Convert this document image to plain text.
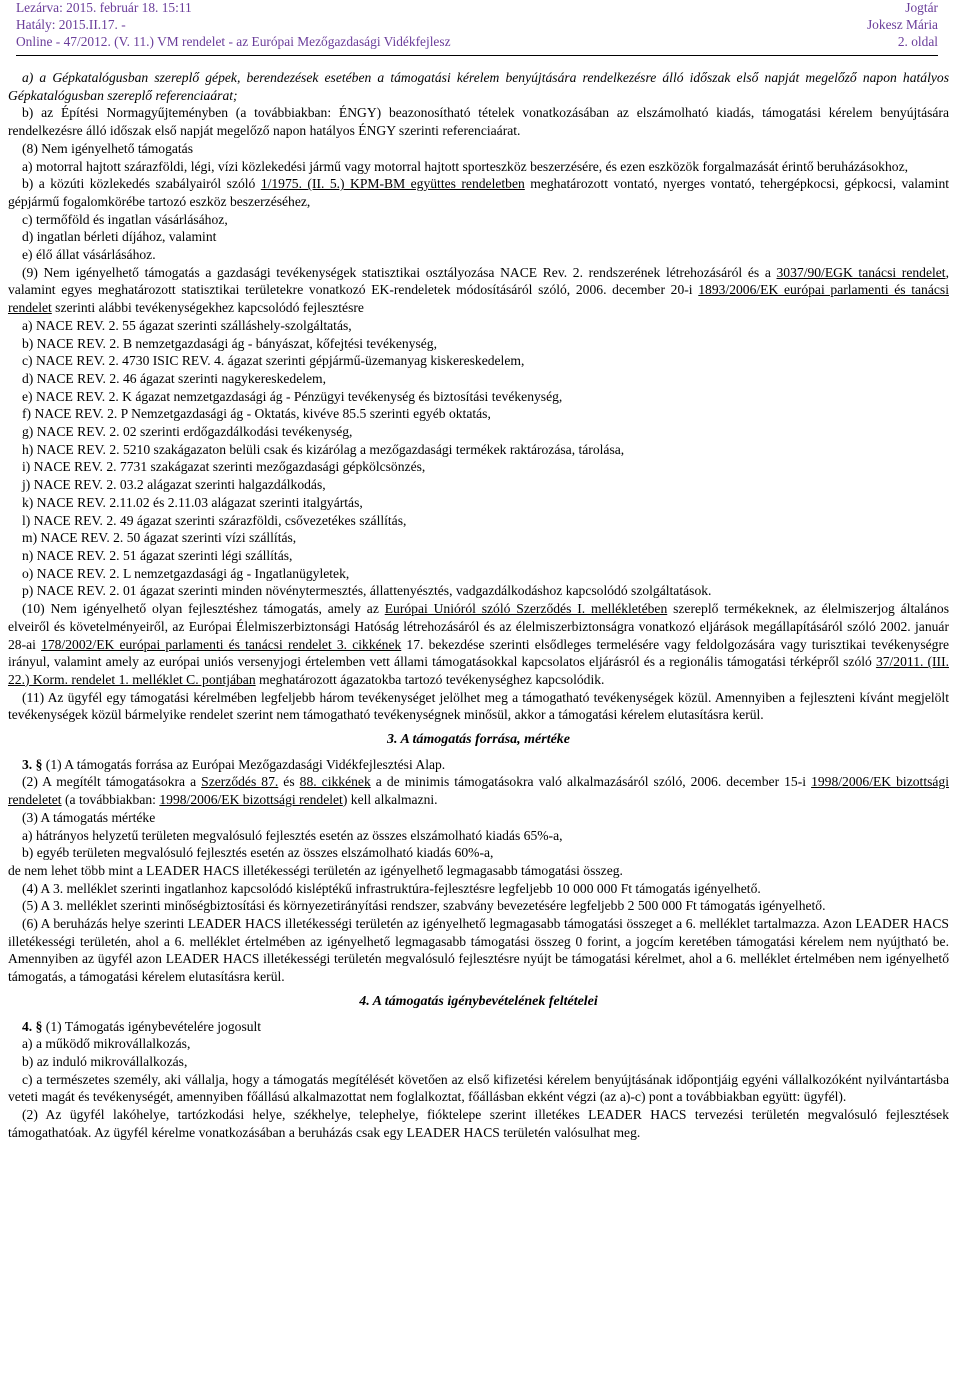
Lezárva: 2015. február 18. 15:11
Hatály: 2015.II.17. -
Online - 47/2012. (V. 11.) VM rendelet - az Európai Mezőgazdasági Vidékfejlesz
Jogtár
Jokesz Mária
2. oldal

a) a Gépkatalógusban szereplő gépek, berendezések esetében a támogatási kérelem benyújtására rendelkezésre álló időszak első napját megelőző napon hatályos Gépkatalógusban szereplő referenciaárat;

b) az Építési Normagyűjteményben (a továbbiakban: ÉNGY) beazonosítható tételek vonatkozásában az elszámolható kiadás, támogatási kérelem benyújtására rendelkezésre álló időszak első napját megelőző napon hatályos ÉNGY szerinti referenciaárat.

(8) Nem igényelhető támogatás

a) motorral hajtott szárazföldi, légi, vízi közlekedési jármű vagy motorral hajtott sporteszköz beszerzésére, és ezen eszközök forgalmazását érintő beruházásokhoz,

b) a közúti közlekedés szabályairól szóló 1/1975. (II. 5.) KPM-BM együttes rendeletben meghatározott vontató, nyerges vontató, tehergépkocsi, gépkocsi, valamint gépjármű fogalomkörébe tartozó eszköz beszerzéséhez,

c) termőföld és ingatlan vásárlásához,

d) ingatlan bérleti díjához, valamint

e) élő állat vásárlásához.

(9) Nem igényelhető támogatás a gazdasági tevékenységek statisztikai osztályozása NACE Rev. 2. rendszerének létrehozásáról és a 3037/90/EGK tanácsi rendelet, valamint egyes meghatározott statisztikai területekre vonatkozó EK-rendeletek módosításáról szóló, 2006. december 20-i 1893/2006/EK európai parlamenti és tanácsi rendelet szerinti alábbi tevékenységekhez kapcsolódó fejlesztésre

a) NACE REV. 2. 55 ágazat szerinti szálláshely-szolgáltatás,

b) NACE REV. 2. B nemzetgazdasági ág - bányászat, kőfejtési tevékenység,

c) NACE REV. 2. 4730 ISIC REV. 4. ágazat szerinti gépjármű-üzemanyag kiskereskedelem,

d) NACE REV. 2. 46 ágazat szerinti nagykereskedelem,

e) NACE REV. 2. K ágazat nemzetgazdasági ág - Pénzügyi tevékenység és biztosítási tevékenység,

f) NACE REV. 2. P Nemzetgazdasági ág - Oktatás, kivéve 85.5 szerinti egyéb oktatás,

g) NACE REV. 2. 02 szerinti erdőgazdálkodási tevékenység,

h) NACE REV. 2. 5210 szakágazaton belüli csak és kizárólag a mezőgazdasági termékek raktározása, tárolása,

i) NACE REV. 2. 7731 szakágazat szerinti mezőgazdasági gépkölcsönzés,

j) NACE REV. 2. 03.2 alágazat szerinti halgazdálkodás,

k) NACE REV. 2.11.02 és 2.11.03 alágazat szerinti italgyártás,

l) NACE REV. 2. 49 ágazat szerinti szárazföldi, csővezetékes szállítás,

m) NACE REV. 2. 50 ágazat szerinti vízi szállítás,

n) NACE REV. 2. 51 ágazat szerinti légi szállítás,

o) NACE REV. 2. L nemzetgazdasági ág - Ingatlanügyletek,

p) NACE REV. 2. 01 ágazat szerinti minden növénytermesztés, állattenyésztés, vadgazdálkodáshoz kapcsolódó szolgáltatások.

(10) Nem igényelhető olyan fejlesztéshez támogatás, amely az Európai Unióról szóló Szerződés I. mellékletében szereplő termékeknek, az élelmiszerjog általános elveiről és követelményeiről, az Európai Élelmiszerbiztonsági Hatóság létrehozásáról és az élelmiszerbiztonságra vonatkozó eljárások megállapításáról szóló 2002. január 28-ai 178/2002/EK európai parlamenti és tanácsi rendelet 3. cikkének 17. bekezdése szerinti elsődleges termelésére vagy feldolgozására vagy turisztikai tevékenységre irányul, valamint amely az európai uniós versenyjogi értelemben vett állami támogatásokkal kapcsolatos eljárásról és a regionális támogatási térképről szóló 37/2011. (III. 22.) Korm. rendelet 1. melléklet C. pontjában meghatározott ágazatokba tartozó tevékenységhez kapcsolódik.

(11) Az ügyfél egy támogatási kérelmében legfeljebb három tevékenységet jelölhet meg a támogatható tevékenységek közül. Amennyiben a fejleszteni kívánt megjelölt tevékenységek közül bármelyike rendelet szerint nem támogatható tevékenységnek minősül, akkor a támogatási kérelem elutasításra kerül.

3. A támogatás forrása, mértéke

3. § (1) A támogatás forrása az Európai Mezőgazdasági Vidékfejlesztési Alap.

(2) A megítélt támogatásokra a Szerződés 87. és 88. cikkének a de minimis támogatásokra való alkalmazásáról szóló, 2006. december 15-i 1998/2006/EK bizottsági rendeletet (a továbbiakban: 1998/2006/EK bizottsági rendelet) kell alkalmazni.

(3) A támogatás mértéke

a) hátrányos helyzetű területen megvalósuló fejlesztés esetén az összes elszámolható kiadás 65%-a,

b) egyéb területen megvalósuló fejlesztés esetén az összes elszámolható kiadás 60%-a,

de nem lehet több mint a LEADER HACS illetékességi területén az igényelhető legmagasabb támogatási összeg.

(4) A 3. melléklet szerinti ingatlanhoz kapcsolódó kisléptékű infrastruktúra-fejlesztésre legfeljebb 10 000 000 Ft támogatás igényelhető.

(5) A 3. melléklet szerinti minőségbiztosítási és környezetirányítási rendszer, szabvány bevezetésére legfeljebb 2 500 000 Ft támogatás igényelhető.

(6) A beruházás helye szerinti LEADER HACS illetékességi területén az igényelhető legmagasabb támogatási összeget a 6. melléklet tartalmazza. Azon LEADER HACS illetékességi területén, ahol a 6. melléklet értelmében az igényelhető legmagasabb támogatási összeg 0 forint, a jogcím keretében támogatási kérelem nem nyújtható be. Amennyiben az ügyfél azon LEADER HACS illetékességi területén megvalósuló fejlesztésre nyújt be támogatási kérelmet, ahol a 6. melléklet értelmében nem igényelhető támogatás, a támogatási kérelem elutasításra kerül.

4. A támogatás igénybevételének feltételei

4. § (1) Támogatás igénybevételére jogosult

a) a működő mikrovállalkozás,

b) az induló mikrovállalkozás,

c) a természetes személy, aki vállalja, hogy a támogatás megítélését követően az első kifizetési kérelem benyújtásának időpontjáig egyéni vállalkozóként nyilvántartásba veteti magát és tevékenységét, amennyiben főállású alkalmazottat nem foglalkoztat, főállásban ekként végzi (az a)-c) pont a továbbiakban együtt: ügyfél).

(2) Az ügyfél lakóhelye, tartózkodási helye, székhelye, telephelye, fióktelepe szerint illetékes LEADER HACS tervezési területén megvalósuló fejlesztések támogathatóak. Az ügyfél kérelme vonatkozásában a beruházás csak egy LEADER HACS területén valósulhat meg.
